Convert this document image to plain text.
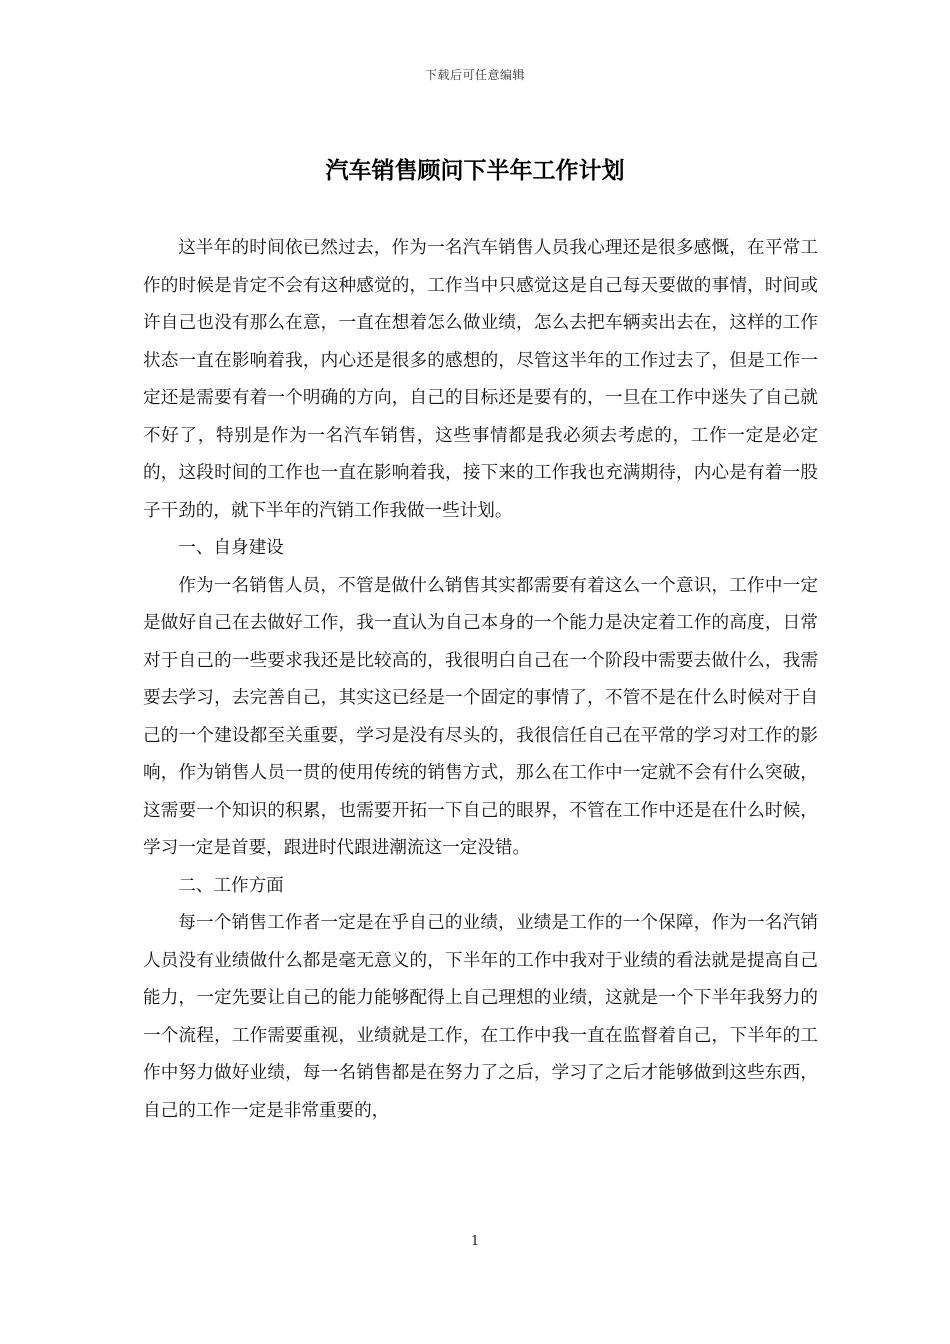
下载后可任意编辑
汽车销售顾问下半年工作计划

这半年的时间依已然过去，作为一名汽车销售人员我心理还是很多感慨，在平常工作的时候是肯定不会有这种感觉的，工作当中只感觉这是自己每天要做的事情，时间或许自己也没有那么在意，一直在想着怎么做业绩，怎么去把车辆卖出去在，这样的工作状态一直在影响着我，内心还是很多的感想的，尽管这半年的工作过去了，但是工作一定还是需要有着一个明确的方向，自己的目标还是要有的，一旦在工作中迷失了自己就不好了，特别是作为一名汽车销售，这些事情都是我必须去考虑的，工作一定是必定的，这段时间的工作也一直在影响着我，接下来的工作我也充满期待，内心是有着一股子干劲的，就下半年的汽销工作我做一些计划。

一、自身建设

作为一名销售人员，不管是做什么销售其实都需要有着这么一个意识，工作中一定是做好自己在去做好工作，我一直认为自己本身的一个能力是决定着工作的高度，日常对于自己的一些要求我还是比较高的，我很明白自己在一个阶段中需要去做什么，我需要去学习，去完善自己，其实这已经是一个固定的事情了，不管不是在什么时候对于自己的一个建设都至关重要，学习是没有尽头的，我很信任自己在平常的学习对工作的影响，作为销售人员一贯的使用传统的销售方式，那么在工作中一定就不会有什么突破，这需要一个知识的积累，也需要开拓一下自己的眼界，不管在工作中还是在什么时候，学习一定是首要，跟进时代跟进潮流这一定没错。

二、工作方面

每一个销售工作者一定是在乎自己的业绩，业绩是工作的一个保障，作为一名汽销人员没有业绩做什么都是毫无意义的，下半年的工作中我对于业绩的看法就是提高自己能力，一定先要让自己的能力能够配得上自己理想的业绩，这就是一个下半年我努力的一个流程，工作需要重视，业绩就是工作，在工作中我一直在监督着自己，下半年的工作中努力做好业绩，每一名销售都是在努力了之后，学习了之后才能够做到这些东西，自己的工作一定是非常重要的，

1
